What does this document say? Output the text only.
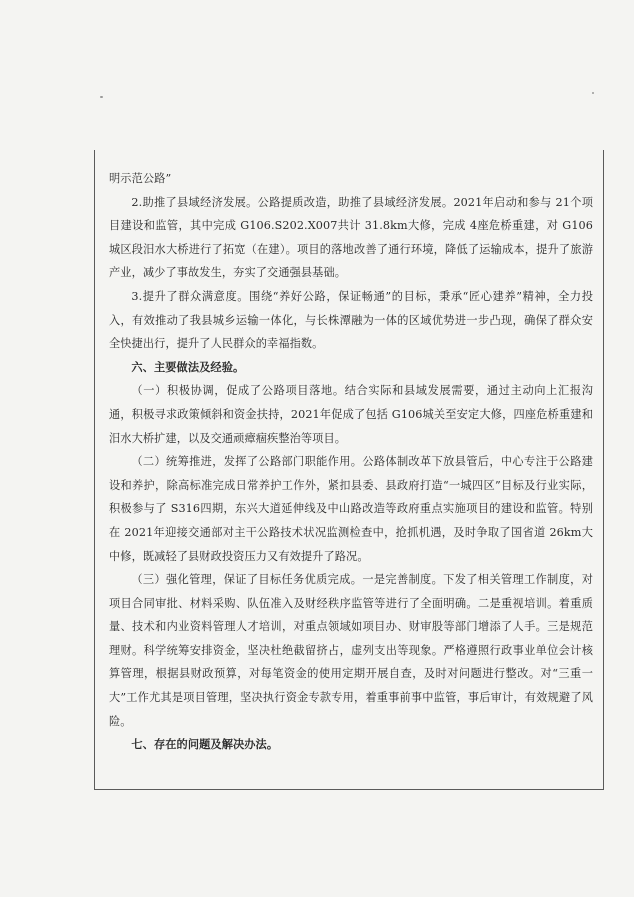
明示范公路”

2.助推了县域经济发展。公路提质改造，助推了县域经济发展。2021年启动和参与 21个项目建设和监管，其中完成 G106.S202.X007共计 31.8km大修，完成 4座危桥重建，对 G106城区段汨水大桥进行了拓宽（在建）。项目的落地改善了通行环境，降低了运输成本，提升了旅游产业，减少了事故发生，夯实了交通强县基础。

3.提升了群众满意度。围绕“养好公路，保证畅通”的目标，秉承“匠心建养”精神，全力投入，有效推动了我县城乡运输一体化，与长株潭融为一体的区域优势进一步凸现，确保了群众安全快捷出行，提升了人民群众的幸福指数。

六、主要做法及经验。

（一）积极协调，促成了公路项目落地。结合实际和县域发展需要，通过主动向上汇报沟通，积极寻求政策倾斜和资金扶持，2021年促成了包括 G106城关至安定大修，四座危桥重建和汨水大桥扩建，以及交通顽瘴痼疾整治等项目。

（二）统筹推进，发挥了公路部门职能作用。公路体制改革下放县管后，中心专注于公路建设和养护，除高标准完成日常养护工作外，紧扣县委、县政府打造“一城四区”目标及行业实际，积极参与了 S316四期，东兴大道延伸线及中山路改造等政府重点实施项目的建设和监管。特别在 2021年迎接交通部对主干公路技术状况监测检查中，抢抓机遇，及时争取了国省道 26km大中修，既减轻了县财政投资压力又有效提升了路况。

（三）强化管理，保证了目标任务优质完成。一是完善制度。下发了相关管理工作制度，对项目合同审批、材料采购、队伍准入及财经秩序监管等进行了全面明确。二是重视培训。着重质量、技术和内业资料管理人才培训，对重点领域如项目办、财审股等部门增添了人手。三是规范理财。科学统筹安排资金，坚决杜绝截留挤占，虚列支出等现象。严格遵照行政事业单位会计核算管理，根据县财政预算，对每笔资金的使用定期开展自查，及时对问题进行整改。对“三重一大”工作尤其是项目管理，坚决执行资金专款专用，着重事前事中监管，事后审计，有效规避了风险。

七、存在的问题及解决办法。
